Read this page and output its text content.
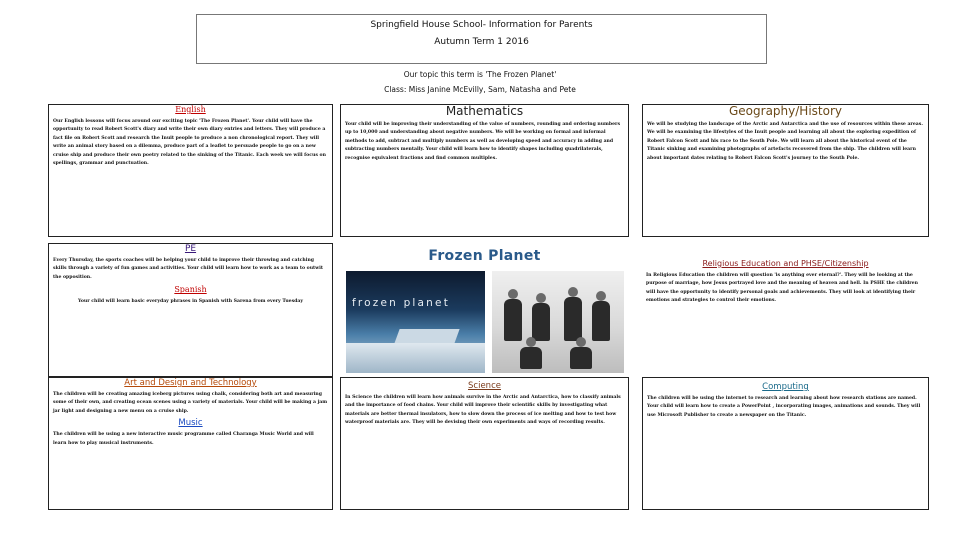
Springfield House School- Information for Parents
Autumn Term 1 2016
Our topic this term is 'The Frozen Planet'
Class: Miss Janine McEvilly, Sam, Natasha and Pete
English
Our English lessons will focus around our exciting topic 'The Frozen Planet'. Your child will have the opportunity to read Robert Scott's diary and write their own diary entries and letters. They will produce a fact file on Robert Scott and research the Inuit people to produce a non chronological report. They will write an animal story based on a dilemma, produce part of a leaflet to persuade people to go on a new cruise ship and produce their own poetry related to the sinking of the Titanic. Each week we will focus on spellings, grammar and punctuation.
Mathematics
Your child will be improving their understanding of the value of numbers, rounding and ordering numbers up to 10,000 and understanding about negative numbers. We will be working on formal and informal methods to add, subtract and multiply numbers as well as developing speed and accuracy in adding and subtracting numbers mentally. Your child will learn how to identify shapes including quadrilaterals, recognise equivalent fractions and find common multiples.
Geography/History
We will be studying the landscape of the Arctic and Antarctica and the use of resources within these areas. We will be examining the lifestyles of the Inuit people and learning all about the exploring expedition of Robert Falcon Scott and his race to the South Pole. We will learn all about the historical event of the Titanic sinking and examining photographs of artefacts recovered from the ship. The children will learn about important dates relating to Robert Falcon Scott's journey to the South Pole.
PE
Every Thursday, the sports coaches will be helping your child to improve their throwing and catching skills through a variety of fun games and activities. Your child will learn how to work as a team to outwit the opposition.
Spanish
Your child will learn basic everyday phrases in Spanish with Sarena from every Tuesday
Frozen Planet
frozen planet
Religious Education and PHSE/Citizenship
In Religious Education the children will question 'is anything ever eternal?'. They will be looking at the purpose of marriage, how Jesus portrayed love and the meaning of heaven and hell. In PSHE the children will have the opportunity to identify personal goals and achievements. They will look at identifying their emotions and strategies to control their emotions.
Art and Design and Technology
The children will be creating amazing iceberg pictures using chalk, considering both art and measuring some of their own, and creating ocean scenes using a variety of materials. Your child will be making a jam jar light and designing a new menu on a cruise ship.
Music
The children will be using a new interactive music programme called Charanga Music World and will learn how to play musical instruments.
Science
In Science the children will learn how animals survive in the Arctic and Antarctica, how to classify animals and the importance of food chains. Your child will improve their scientific skills by investigating what materials are better thermal insulators, how to slow down the process of ice melting and how to test how waterproof materials are. They will be devising their own experiments and ways of recording results.
Computing
The children will be using the internet to research and learning about how research stations are named. Your child will learn how to create a PowerPoint , incorporating images, animations and sounds. They will use Microsoft Publisher to create a newspaper on the Titanic.
